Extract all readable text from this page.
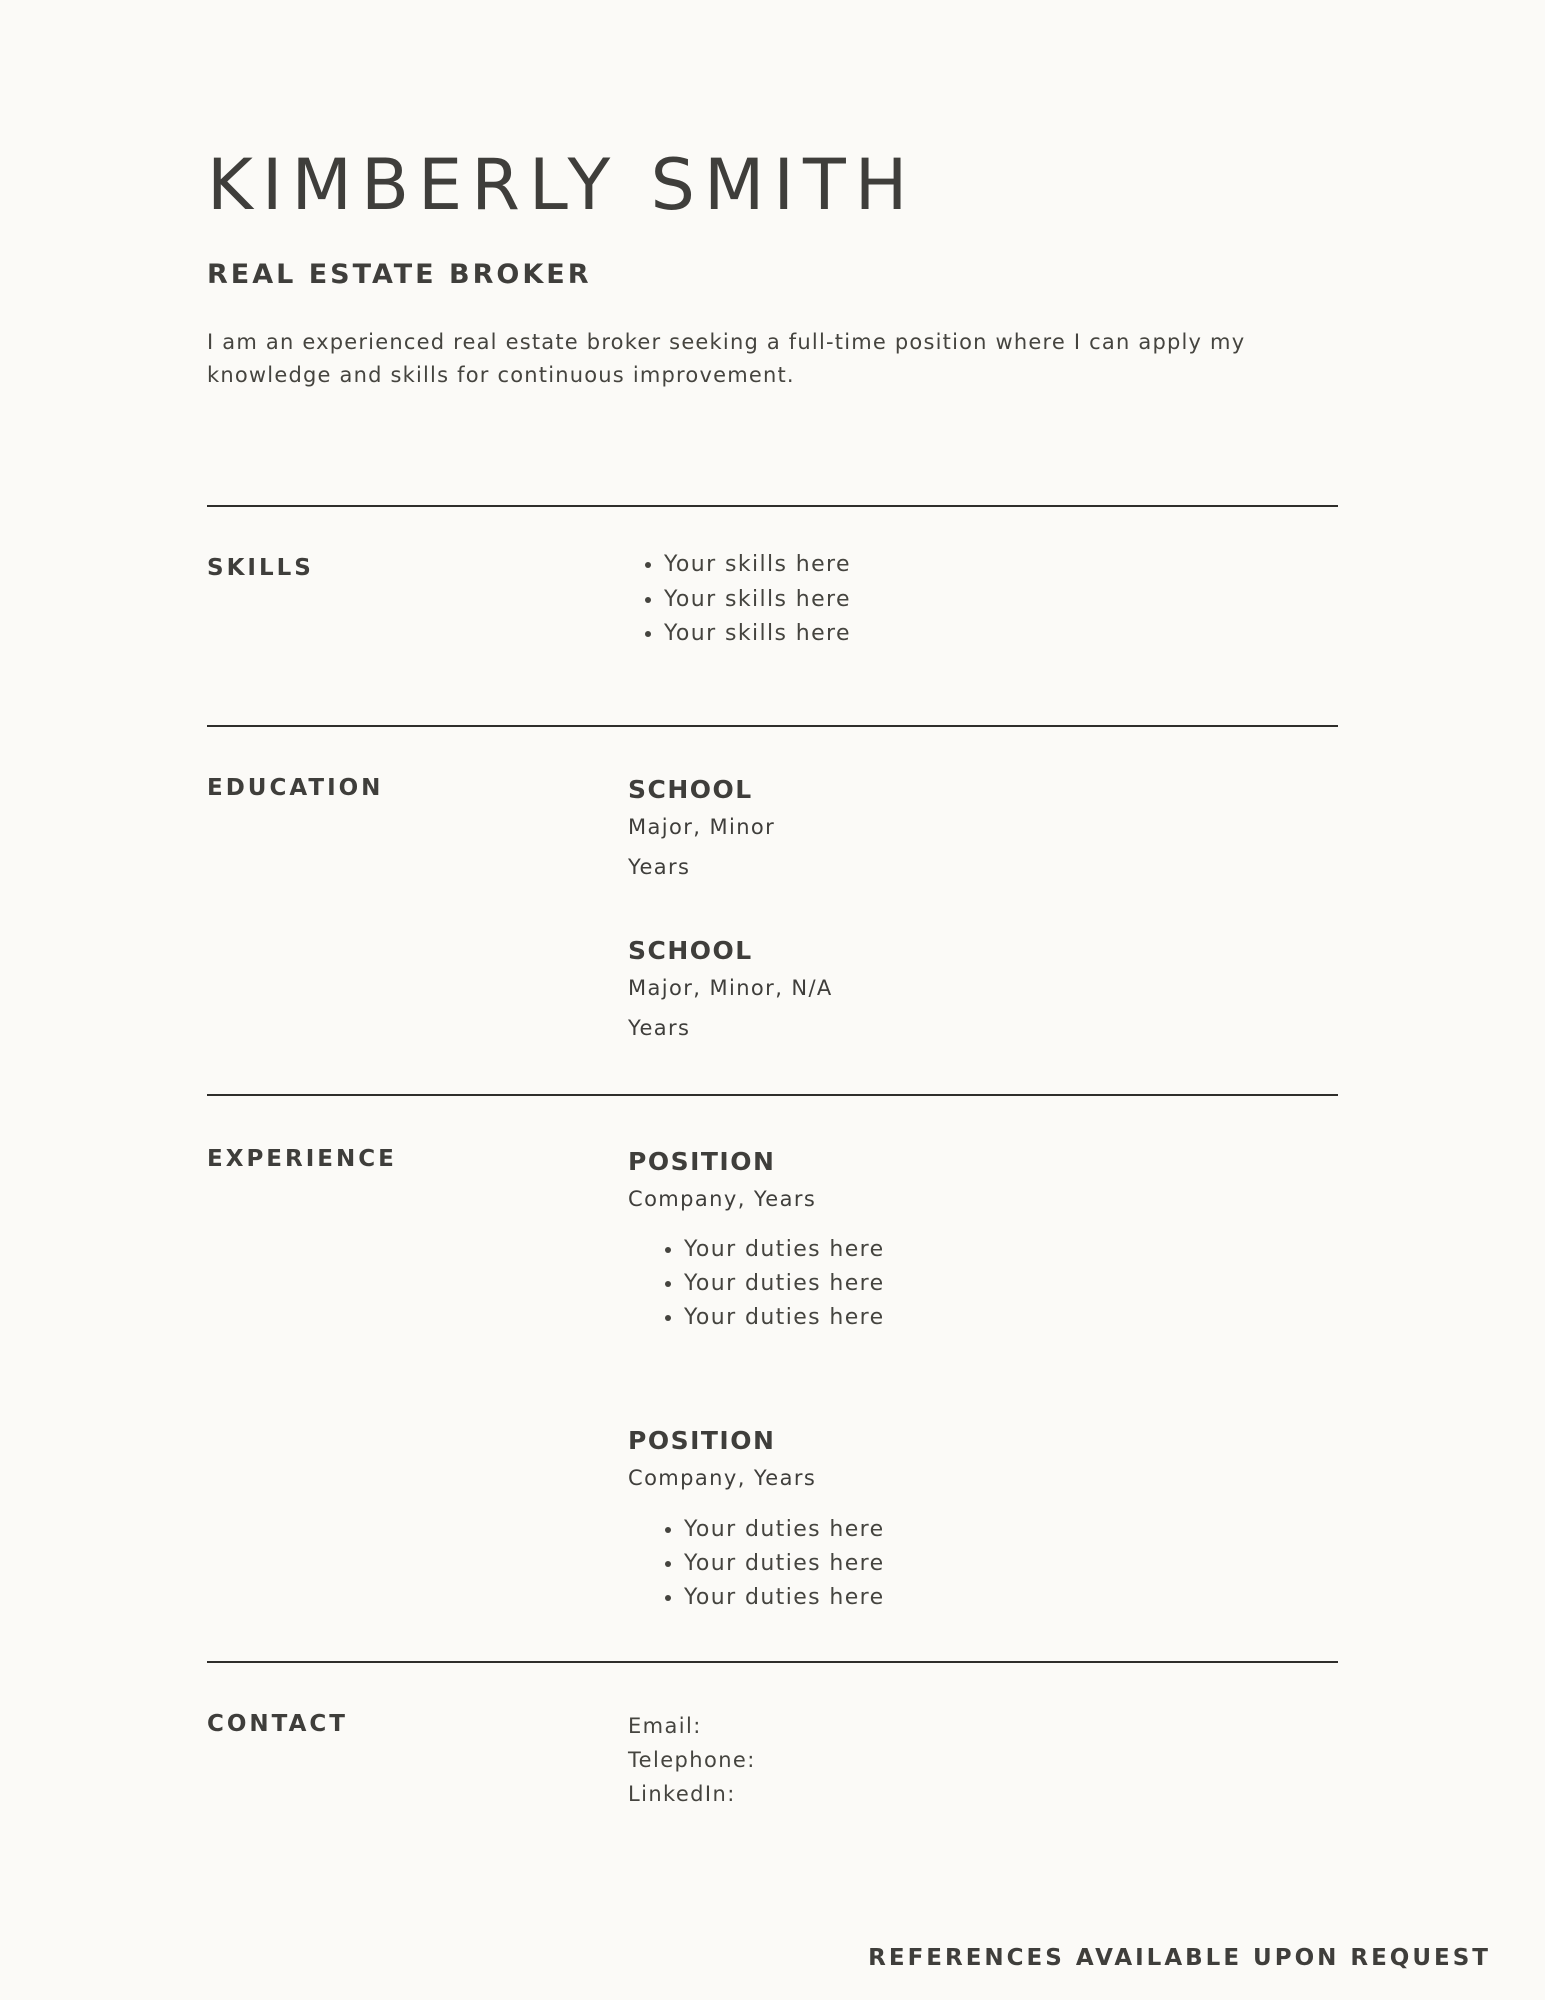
KIMBERLY SMITH
REAL ESTATE BROKER

I am an experienced real estate broker seeking a full-time position where I can apply my knowledge and skills for continuous improvement.

SKILLS
•	Your skills here
• Your skills here
• Your skills here
EDUCATION	SCHOOL

Major, Minor

Years

SCHOOL

Major, Minor, N/A

Years

EXPERIENCE	POSITION

Company, Years

• Your duties here
• Your duties here
• Your duties here

POSITION

Company, Years

• Your duties here
• Your duties here
• Your duties here
CONTACT	Email:

Telephone:

LinkedIn:

REFERENCES AVAILABLE UPON REQUEST
